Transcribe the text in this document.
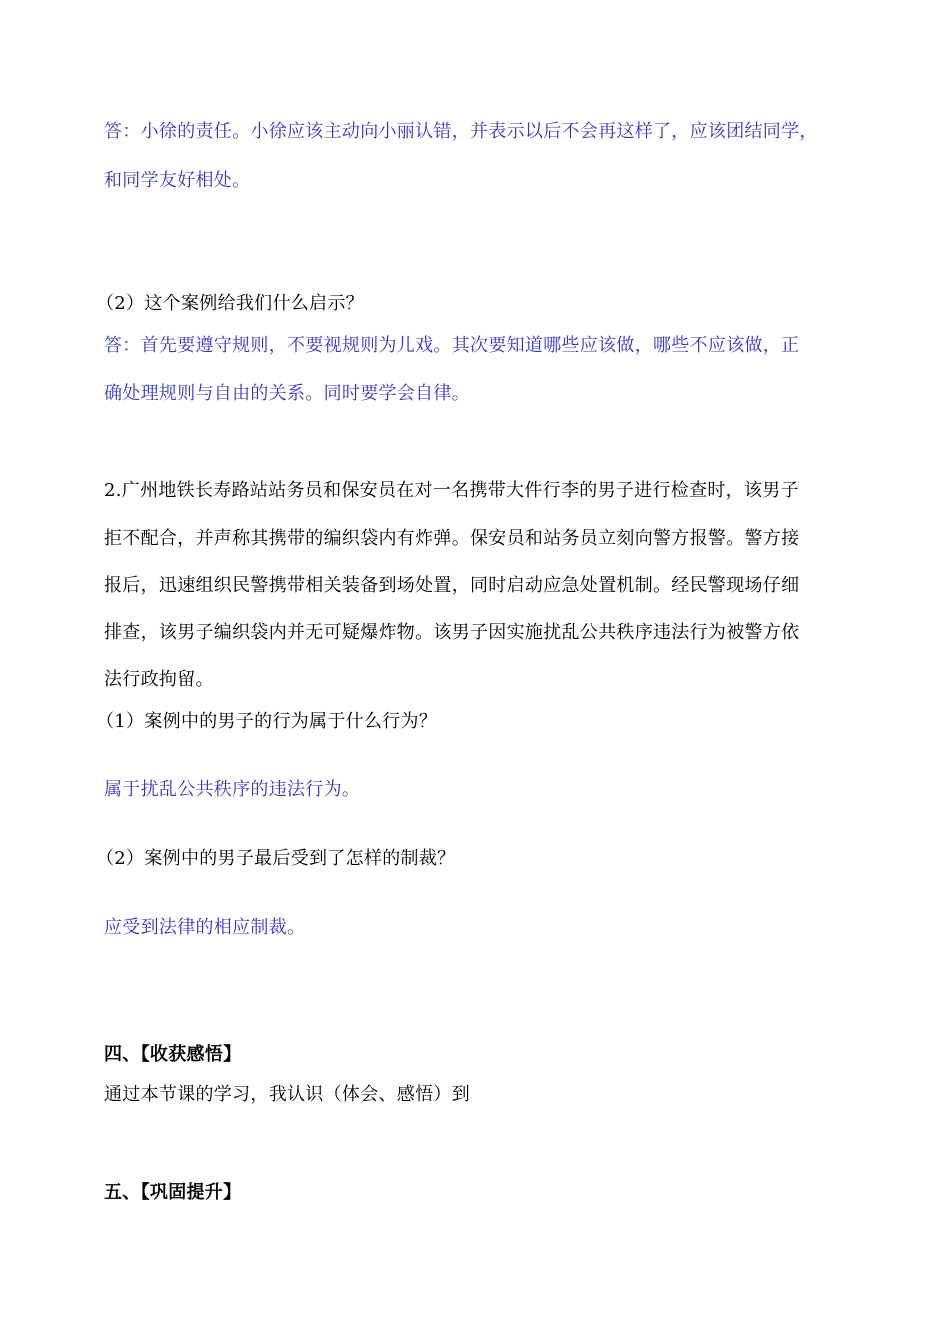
答：小徐的责任。小徐应该主动向小丽认错，并表示以后不会再这样了，应该团结同学，
和同学友好相处。
（2）这个案例给我们什么启示？
答：首先要遵守规则，不要视规则为儿戏。其次要知道哪些应该做，哪些不应该做，正
确处理规则与自由的关系。同时要学会自律。
2.广州地铁长寿路站站务员和保安员在对一名携带大件行李的男子进行检查时，该男子
拒不配合，并声称其携带的编织袋内有炸弹。保安员和站务员立刻向警方报警。警方接
报后，迅速组织民警携带相关装备到场处置，同时启动应急处置机制。经民警现场仔细
排查，该男子编织袋内并无可疑爆炸物。该男子因实施扰乱公共秩序违法行为被警方依
法行政拘留。
（1）案例中的男子的行为属于什么行为？
属于扰乱公共秩序的违法行为。
（2）案例中的男子最后受到了怎样的制裁？
应受到法律的相应制裁。
四、【收获感悟】
通过本节课的学习，我认识（体会、感悟）到
五、【巩固提升】
